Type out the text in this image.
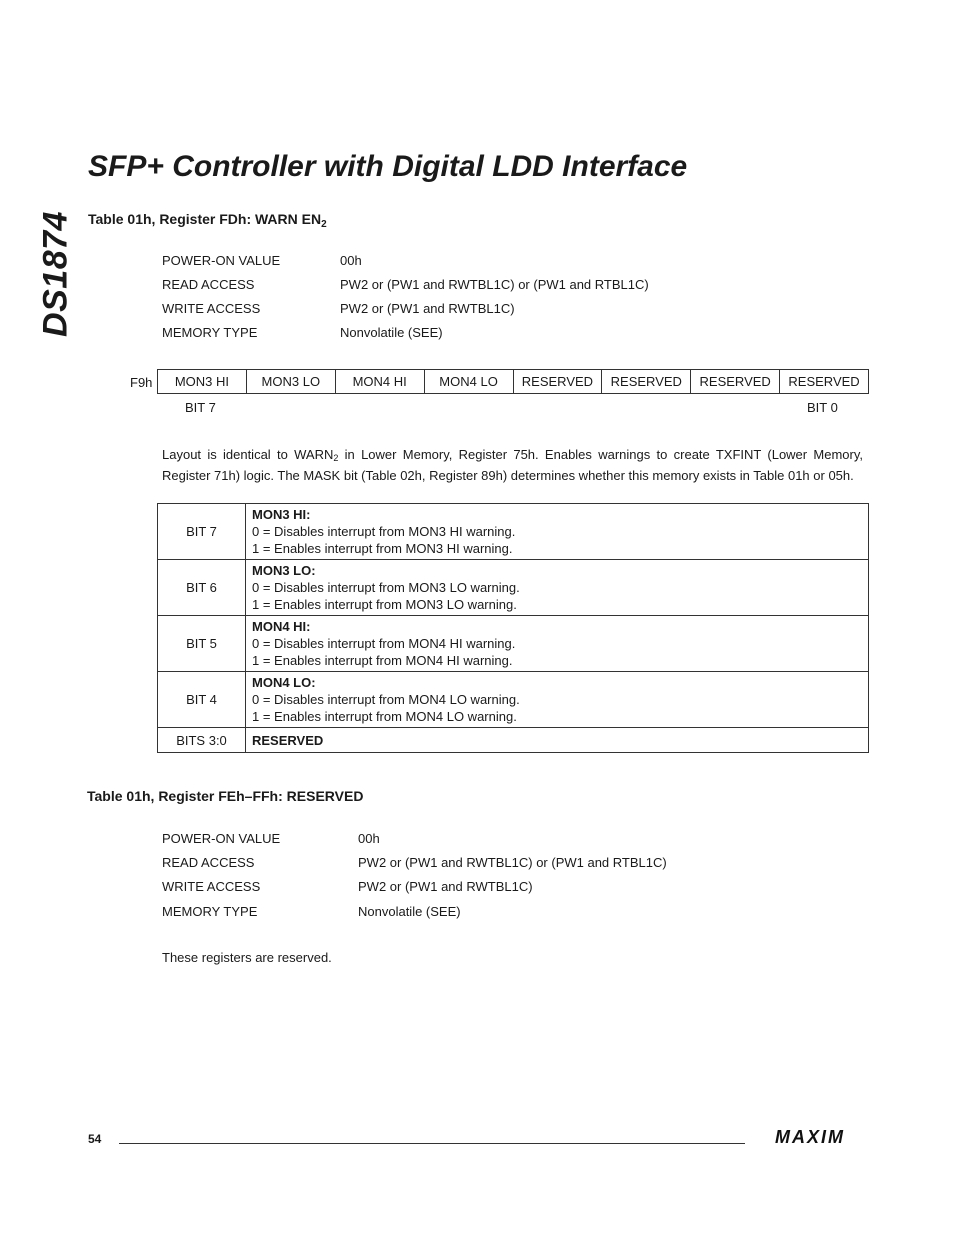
DS1874
SFP+ Controller with Digital LDD Interface
Table 01h, Register FDh: WARN $EN_2$
POWER-ON VALUE	00h
READ ACCESS	PW2 or (PW1 and RWTBL1C) or (PW1 and RTBL1C)
WRITE ACCESS	PW2 or (PW1 and RWTBL1C)
MEMORY TYPE	Nonvolatile (SEE)
F9h	MON3 HI	MON3 LO	MON4 HI	MON4 LO	RESERVED	RESERVED	RESERVED	RESERVED
BIT 7	BIT 0
Layout is identical to $WARN_2$ in Lower Memory, Register 75h. Enables warnings to create TXFINT (Lower Memory, Register 71h) logic. The MASK bit (Table 02h, Register 89h) determines whether this memory exists in Table 01h or 05h.
BIT 7	MON3 HI:
0 = Disables interrupt from MON3 HI warning.
1 = Enables interrupt from MON3 HI warning.

BIT 6	MON3 LO:
0 = Disables interrupt from MON3 LO warning.
1 = Enables interrupt from MON3 LO warning.

BIT 5	MON4 HI:
0 = Disables interrupt from MON4 HI warning.
1 = Enables interrupt from MON4 HI warning.

BIT 4	MON4 LO:
0 = Disables interrupt from MON4 LO warning.
1 = Enables interrupt from MON4 LO warning.

BITS 3:0	RESERVED
Table 01h, Register FEh–FFh: RESERVED
POWER-ON VALUE	00h
READ ACCESS	PW2 or (PW1 and RWTBL1C) or (PW1 and RTBL1C)
WRITE ACCESS	PW2 or (PW1 and RWTBL1C)
MEMORY TYPE	Nonvolatile (SEE)
These registers are reserved.
54	MAXIM
